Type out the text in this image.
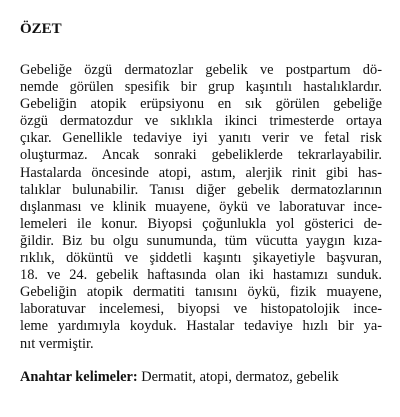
ÖZET
Gebeliğe özgü dermatozlar gebelik ve postpartum dö-
nemde görülen spesifik bir grup kaşıntılı hastalıklardır.
Gebeliğin atopik erüpsiyonu en sık görülen gebeliğe
özgü dermatozdur ve sıklıkla ikinci trimesterde ortaya
çıkar. Genellikle tedaviye iyi yanıtı verir ve fetal risk
oluşturmaz. Ancak sonraki gebeliklerde tekrarlayabilir.
Hastalarda öncesinde atopi, astım, alerjik rinit gibi has-
talıklar bulunabilir. Tanısı diğer gebelik dermatozlarının
dışlanması ve klinik muayene, öykü ve laboratuvar ince-
lemeleri ile konur. Biyopsi çoğunlukla yol gösterici de-
ğildir. Biz bu olgu sunumunda, tüm vücutta yaygın kıza-
rıklık, döküntü ve şiddetli kaşıntı şikayetiyle başvuran,
18. ve 24. gebelik haftasında olan iki hastamızı sunduk.
Gebeliğin atopik dermatiti tanısını öykü, fizik muayene,
laboratuvar incelemesi, biyopsi ve histopatolojik ince-
leme yardımıyla koyduk. Hastalar tedaviye hızlı bir ya-
nıt vermiştir.
Anahtar kelimeler: Dermatit, atopi, dermatoz, gebelik
